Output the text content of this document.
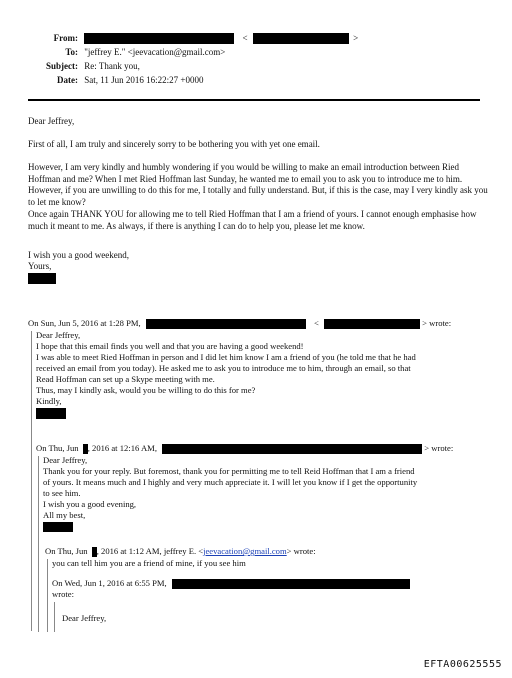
From:	<	>
To: "jeffrey E." <jeevacation@gmail.com>
Subject: Re: Thank you,
Date: Sat, 11 Jun 2016 16:22:27 +0000
Dear Jeffrey,
First of all, I am truly and sincerely sorry to be bothering you with yet one email.
However, I am very kindly and humbly wondering if you would be willing to make an email introduction between Ried Hoffman and me? When I met Ried Hoffman last Sunday, he wanted me to email you to ask you to introduce me to him. However, if you are unwilling to do this for me, I totally and fully understand. But, if this is the case, may I very kindly ask you to let me know?
Once again THANK YOU for allowing me to tell Ried Hoffman that I am a friend of yours. I cannot enough emphasise how much it meant to me. As always, if there is anything I can do to help you, please let me know.
I wish you a good weekend,
Yours,
On Sun, Jun 5, 2016 at 1:28 PM,	<	> wrote:
Dear Jeffrey,
I hope that this email finds you well and that you are having a good weekend!
I was able to meet Ried Hoffman in person and I did let him know I am a friend of you (he told me that he had
received an email from you today). He asked me to ask you to introduce me to him, through an email, so that
Read Hoffman can set up a Skype meeting with me.
Thus, may I kindly ask, would you be willing to do this for me?
Kindly,
On Thu, Jun , 2016 at 12:16 AM,	> wrote:
Dear Jeffrey,
Thank you for your reply. But foremost, thank you for permitting me to tell Reid Hoffman that I am a friend
of yours. It means much and I highly and very much appreciate it. I will let you know if I get the opportunity
to see him.
I wish you a good evening,
All my best,
On Thu, Jun , 2016 at 1:12 AM, jeffrey E. <jeevacation@gmail.com> wrote:
you can tell him you are a friend of mine, if you see him
On Wed, Jun 1, 2016 at 6:55 PM,
wrote:
Dear Jeffrey,
EFTA00625555
